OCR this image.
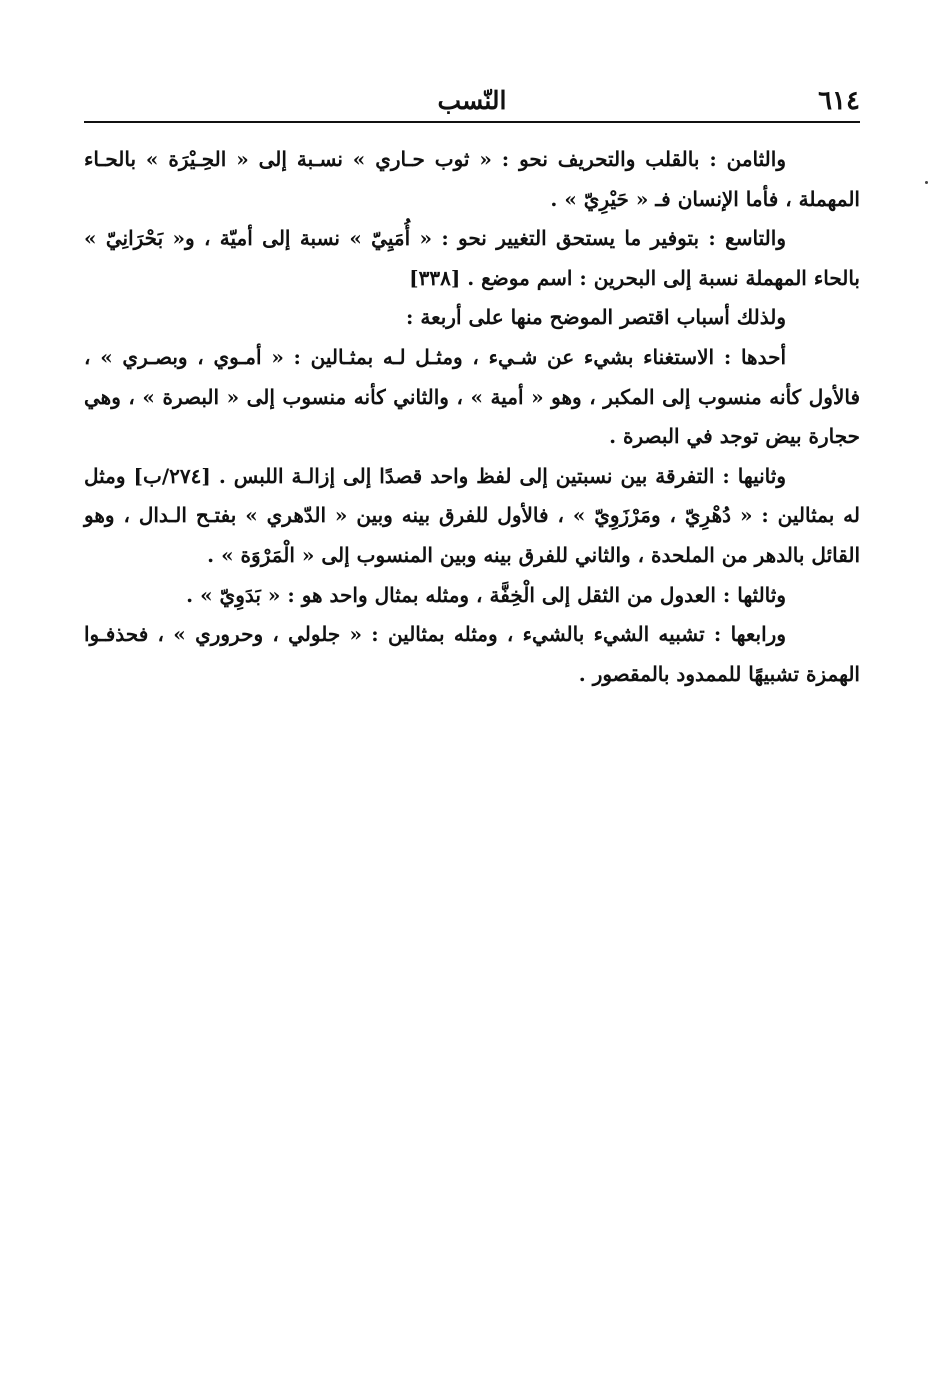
٦١٤
النّسب

والثامن : بالقلب والتحريف نحو : « ثوب حـاري » نسـبة إلى « الحِـيْرَة » بالحـاء المهملة ، فأما الإنسان فـ « حَيْرِيّ » .

والتاسع : بتوفير ما يستحق التغيير نحو : « أُمَيِيّ » نسبة إلى أميّة ، و« بَحْرَانِيّ » بالحاء المهملة نسبة إلى البحرين : اسم موضع . [٣٣٨]

ولذلك أسباب اقتصر الموضح منها على أربعة :

أحدها : الاستغناء بشيء عن شـيء ، ومثـل لـه بمثـالين : « أمـوي ، وبصـري » ، فالأول كأنه منسوب إلى المكبر ، وهو « أمية » ، والثاني كأنه منسوب إلى « البصرة » ، وهي حجارة بيض توجد في البصرة .

وثانيها : التفرقة بين نسبتين إلى لفظ واحد قصدًا إلى إزالـة اللبس . [٢٧٤/ب] ومثل له بمثالين : « دُهْرِيّ ، ومَرْزَوِيّ » ، فالأول للفرق بينه وبين « الدّهري » بفتـح الـدال ، وهو القائل بالدهر من الملحدة ، والثاني للفرق بينه وبين المنسوب إلى « الْمَرْوَة » .

وثالثها : العدول من الثقل إلى الْخِفَّة ، ومثله بمثال واحد هو : « بَدَوِيّ » .

ورابعها : تشبيه الشيء بالشيء ، ومثله بمثالين : « جلولي ، وحروري » ، فحذفـوا الهمزة تشبيهًا للممدود بالمقصور .
